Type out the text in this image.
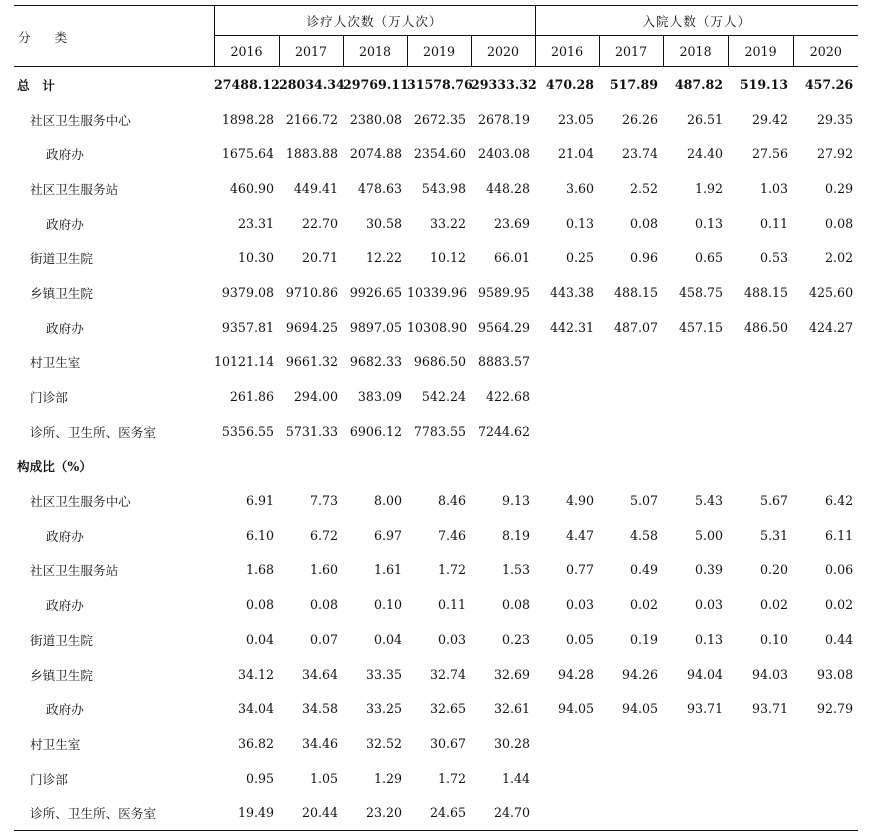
分 类	诊疗人次数（万人次）					入院人数（万人）				
	2016	2017	2018	2019	2020	2016	2017	2018	2019	2020
总　计	27488.12	28034.34	29769.11	31578.76	29333.32	470.28	517.89	487.82	519.13	457.26
社区卫生服务中心	1898.28	2166.72	2380.08	2672.35	2678.19	23.05	26.26	26.51	29.42	29.35
政府办	1675.64	1883.88	2074.88	2354.60	2403.08	21.04	23.74	24.40	27.56	27.92
社区卫生服务站	460.90	449.41	478.63	543.98	448.28	3.60	2.52	1.92	1.03	0.29
政府办	23.31	22.70	30.58	33.22	23.69	0.13	0.08	0.13	0.11	0.08
街道卫生院	10.30	20.71	12.22	10.12	66.01	0.25	0.96	0.65	0.53	2.02
乡镇卫生院	9379.08	9710.86	9926.65	10339.96	9589.95	443.38	488.15	458.75	488.15	425.60
政府办	9357.81	9694.25	9897.05	10308.90	9564.29	442.31	487.07	457.15	486.50	424.27
村卫生室	10121.14	9661.32	9682.33	9686.50	8883.57					
门诊部	261.86	294.00	383.09	542.24	422.68					
诊所、卫生所、医务室	5356.55	5731.33	6906.12	7783.55	7244.62					
构成比（%）										
社区卫生服务中心	6.91	7.73	8.00	8.46	9.13	4.90	5.07	5.43	5.67	6.42
政府办	6.10	6.72	6.97	7.46	8.19	4.47	4.58	5.00	5.31	6.11
社区卫生服务站	1.68	1.60	1.61	1.72	1.53	0.77	0.49	0.39	0.20	0.06
政府办	0.08	0.08	0.10	0.11	0.08	0.03	0.02	0.03	0.02	0.02
街道卫生院	0.04	0.07	0.04	0.03	0.23	0.05	0.19	0.13	0.10	0.44
乡镇卫生院	34.12	34.64	33.35	32.74	32.69	94.28	94.26	94.04	94.03	93.08
政府办	34.04	34.58	33.25	32.65	32.61	94.05	94.05	93.71	93.71	92.79
村卫生室	36.82	34.46	32.52	30.67	30.28					
门诊部	0.95	1.05	1.29	1.72	1.44					
诊所、卫生所、医务室	19.49	20.44	23.20	24.65	24.70					
